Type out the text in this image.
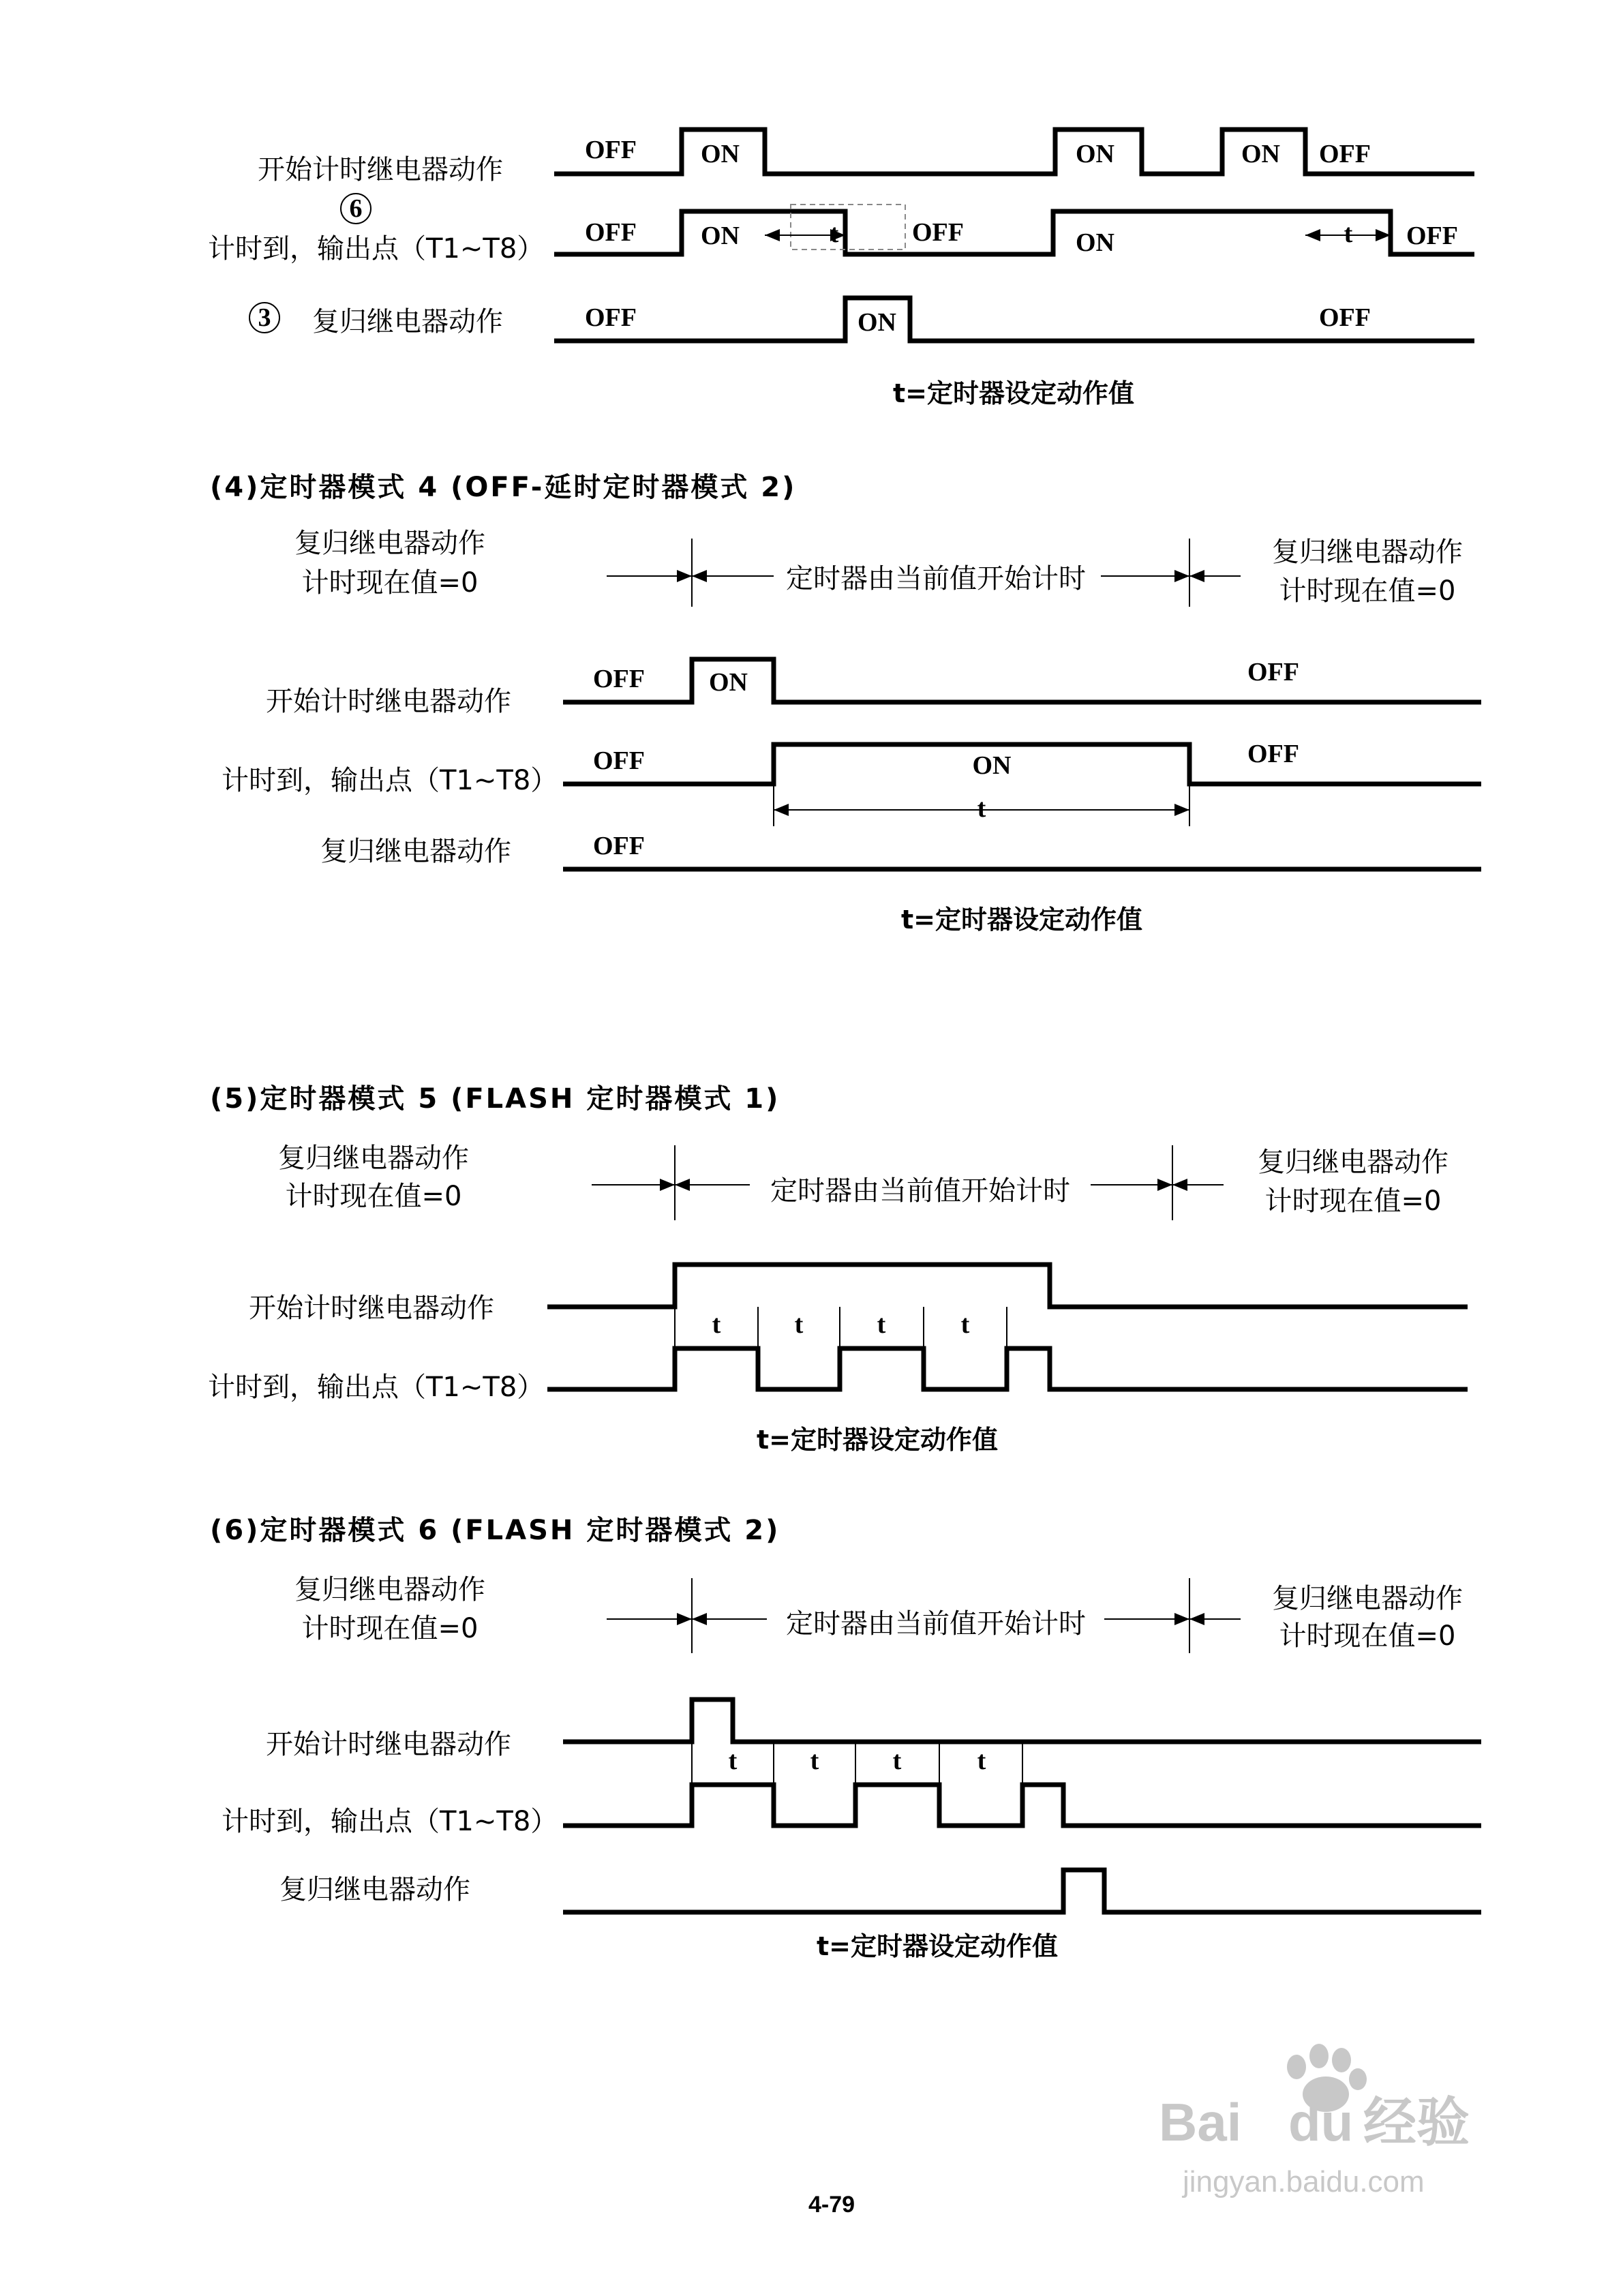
开始计时继电器动作
计时到，输出点（T1~T8）
复归继电器动作
6
3
OFF ON	ON	ON OFF
OFF ON	OFF	ON	OFF
t	t
OFF	ON	OFF
t=定时器设定动作值
(4)定时器模式 4 (OFF-延时定时器模式 2)
复归继电器动作
计时现在值=0	定时器由当前值开始计时
复归继电器动作
计时现在值=0
开始计时继电器动作
OFF ON	OFF
计时到，输出点（T1~T8）
OFF	ON	OFF
t
复归继电器动作	OFF
t=定时器设定动作值
(5)定时器模式 5 (FLASH 定时器模式 1)
复归继电器动作
计时现在值=0	定时器由当前值开始计时
复归继电器动作
计时现在值=0
开始计时继电器动作
计时到，输出点（T1~T8）
t	t	t	t
t=定时器设定动作值
(6)定时器模式 6 (FLASH 定时器模式 2)
复归继电器动作
计时现在值=0	定时器由当前值开始计时
复归继电器动作
计时现在值=0
开始计时继电器动作
计时到，输出点（T1~T8）
t	t	t	t
复归继电器动作
t=定时器设定动作值
4-79
Bai du 经验
jingyan.baidu.com
